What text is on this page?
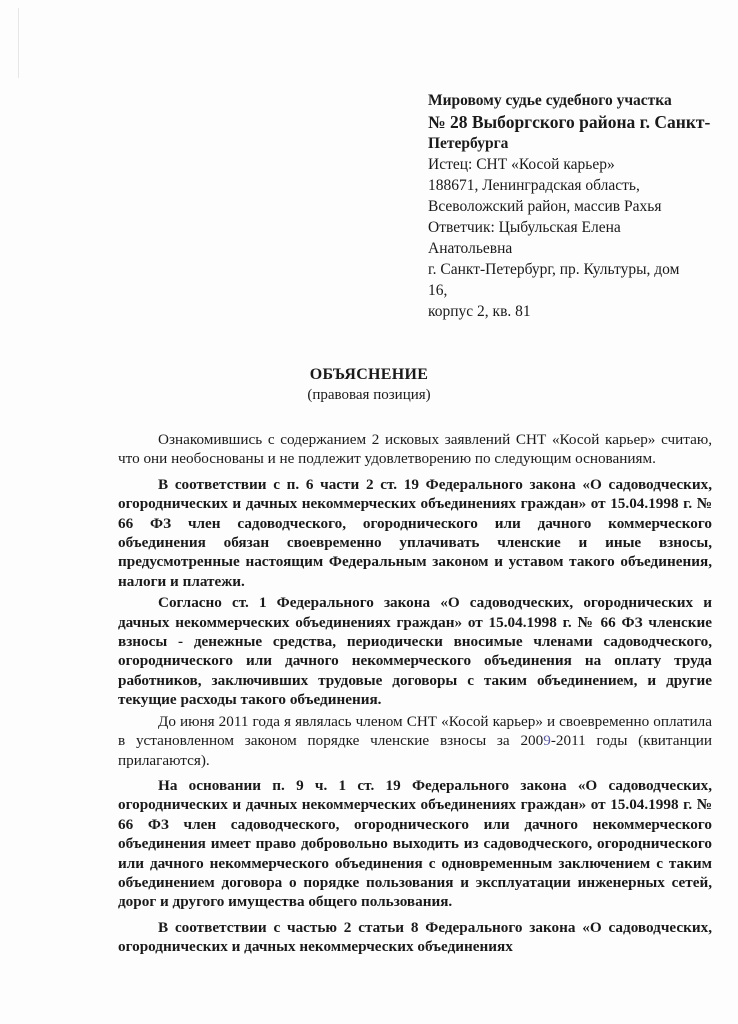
Мировому судье судебного участка
№ 28 Выборгского района г. Санкт-
Петербурга
Истец: СНТ «Косой карьер»
188671, Ленинградская область,
Всеволожский район, массив Рахья
Ответчик: Цыбульская Елена
Анатольевна
г. Санкт-Петербург, пр. Культуры, дом
16,
корпус 2, кв. 81
ОБЪЯСНЕНИЕ
(правовая позиция)

Ознакомившись с содержанием 2 исковых заявлений СНТ «Косой карьер» считаю, что они необоснованы и не подлежит удовлетворению по следующим основаниям.

В соответствии с п. 6 части 2 ст. 19 Федерального закона «О садоводческих, огороднических и дачных некоммерческих объединениях граждан» от 15.04.1998 г. № 66 ФЗ член садоводческого, огороднического или дачного коммерческого объединения обязан своевременно уплачивать членские и иные взносы, предусмотренные настоящим Федеральным законом и уставом такого объединения, налоги и платежи.

Согласно ст. 1 Федерального закона «О садоводческих, огороднических и дачных некоммерческих объединениях граждан» от 15.04.1998 г. № 66 ФЗ членские взносы - денежные средства, периодически вносимые членами садоводческого, огороднического или дачного некоммерческого объединения на оплату труда работников, заключивших трудовые договоры с таким объединением, и другие текущие расходы такого объединения.

До июня 2011 года я являлась членом СНТ «Косой карьер» и своевременно оплатила в установленном законом порядке членские взносы за 2009-2011 годы (квитанции прилагаются).

На основании п. 9 ч. 1 ст. 19 Федерального закона «О садоводческих, огороднических и дачных некоммерческих объединениях граждан» от 15.04.1998 г. № 66 ФЗ член садоводческого, огороднического или дачного некоммерческого объединения имеет право добровольно выходить из садоводческого, огороднического или дачного некоммерческого объединения с одновременным заключением с таким объединением договора о порядке пользования и эксплуатации инженерных сетей, дорог и другого имущества общего пользования.

В соответствии с частью 2 статьи 8 Федерального закона «О садоводческих, огороднических и дачных некоммерческих объединениях
